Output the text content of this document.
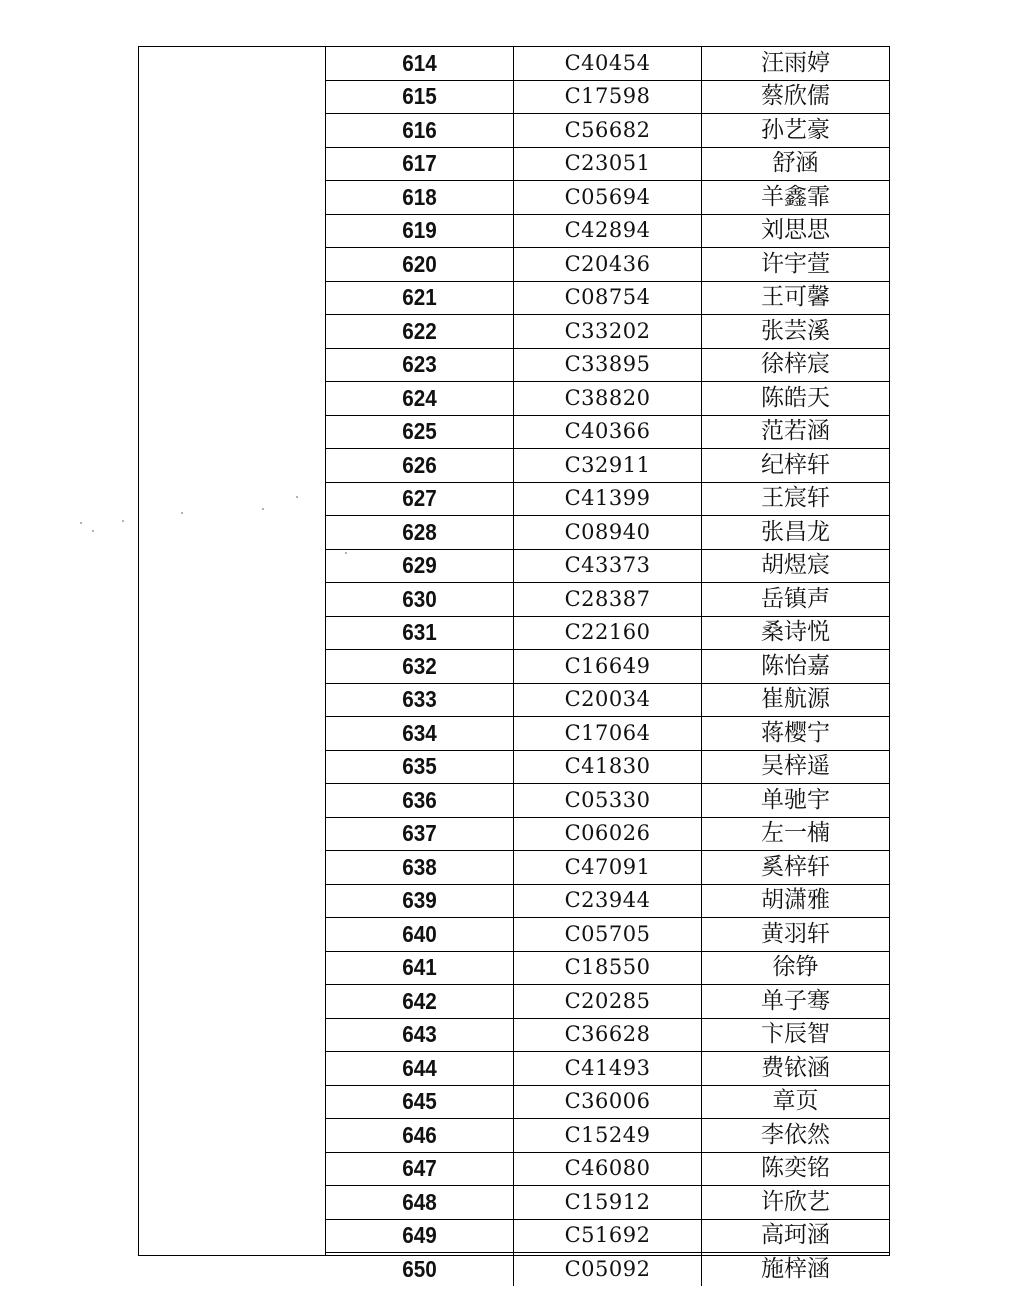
614	C40454	汪雨婷
615	C17598	蔡欣儒
616	C56682	孙艺豪
617	C23051	舒涵
618	C05694	羊鑫霏
619	C42894	刘思思
620	C20436	许宇萱
621	C08754	王可馨
622	C33202	张芸溪
623	C33895	徐梓宸
624	C38820	陈皓天
625	C40366	范若涵
626	C32911	纪梓轩
627	C41399	王宸轩
628	C08940	张昌龙
629	C43373	胡煜宸
630	C28387	岳镇声
631	C22160	桑诗悦
632	C16649	陈怡嘉
633	C20034	崔航源
634	C17064	蒋樱宁
635	C41830	吴梓遥
636	C05330	单驰宇
637	C06026	左一楠
638	C47091	奚梓轩
639	C23944	胡潇雅
640	C05705	黄羽轩
641	C18550	徐铮
642	C20285	单子骞
643	C36628	卞辰智
644	C41493	费铱涵
645	C36006	章页
646	C15249	李依然
647	C46080	陈奕铭
648	C15912	许欣艺
649	C51692	高珂涵
650	C05092	施梓涵
